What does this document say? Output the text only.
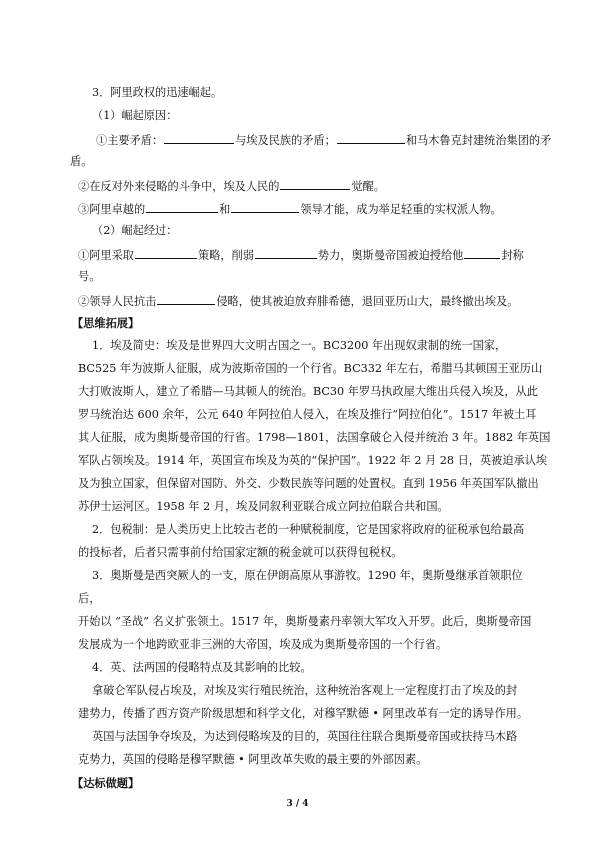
3．阿里政权的迅速崛起。
（1）崛起原因：
①主要矛盾：	与埃及民族的矛盾；	和马木鲁克封建统治集团的矛
盾。
②在反对外来侵略的斗争中，埃及人民的	觉醒。
③阿里卓越的	和	领导才能，成为举足轻重的实权派人物。
（2）崛起经过：
①阿里采取	策略，削弱	势力，奥斯曼帝国被迫授给他	封称
号。
②领导人民抗击	侵略，使其被迫放弃腓希德，退回亚历山大，最终撤出埃及。
【思维拓展】
1．埃及简史：埃及是世界四大文明古国之一。BC3200 年出现奴隶制的统一国家，
BC525 年为波斯人征服，成为波斯帝国的一个行省。BC332 年左右，希腊马其顿国王亚历山
大打败波斯人，建立了希腊—马其顿人的统治。BC30 年罗马执政屋大维出兵侵入埃及，从此
罗马统治达 600 余年，公元 640 年阿拉伯人侵入，在埃及推行“阿拉伯化”。1517 年被土耳
其人征服，成为奥斯曼帝国的行省。1798—1801，法国拿破仑入侵并统治 3 年。1882 年英国
军队占领埃及。1914 年，英国宣布埃及为英的“保护国”。1922 年 2 月 28 日，英被迫承认埃
及为独立国家，但保留对国防、外交、少数民族等问题的处置权。直到 1956 年英国军队撤出
苏伊士运河区。1958 年 2 月，埃及同叙利亚联合成立阿拉伯联合共和国。
2．包税制：是人类历史上比较古老的一种赋税制度，它是国家将政府的征税承包给最高
的投标者，后者只需事前付给国家定额的税金就可以获得包税权。
3．奥斯曼是西突厥人的一支，原在伊朗高原从事游牧。1290 年，奥斯曼继承首领职位
后，
开始以 “圣战” 名义扩张领土。1517 年，奥斯曼素丹率领大军攻入开罗。此后，奥斯曼帝国
发展成为一个地跨欧亚非三洲的大帝国，埃及成为奥斯曼帝国的一个行省。
4．英、法两国的侵略特点及其影响的比较。
拿破仑军队侵占埃及，对埃及实行殖民统治，这种统治客观上一定程度打击了埃及的封
建势力，传播了西方资产阶级思想和科学文化，对穆罕默德 • 阿里改革有一定的诱导作用。
英国与法国争夺埃及，为达到侵略埃及的目的，英国往往联合奥斯曼帝国或扶持马木路
克势力，英国的侵略是穆罕默德 • 阿里改革失败的最主要的外部因素。
【达标做题】
3 / 4
